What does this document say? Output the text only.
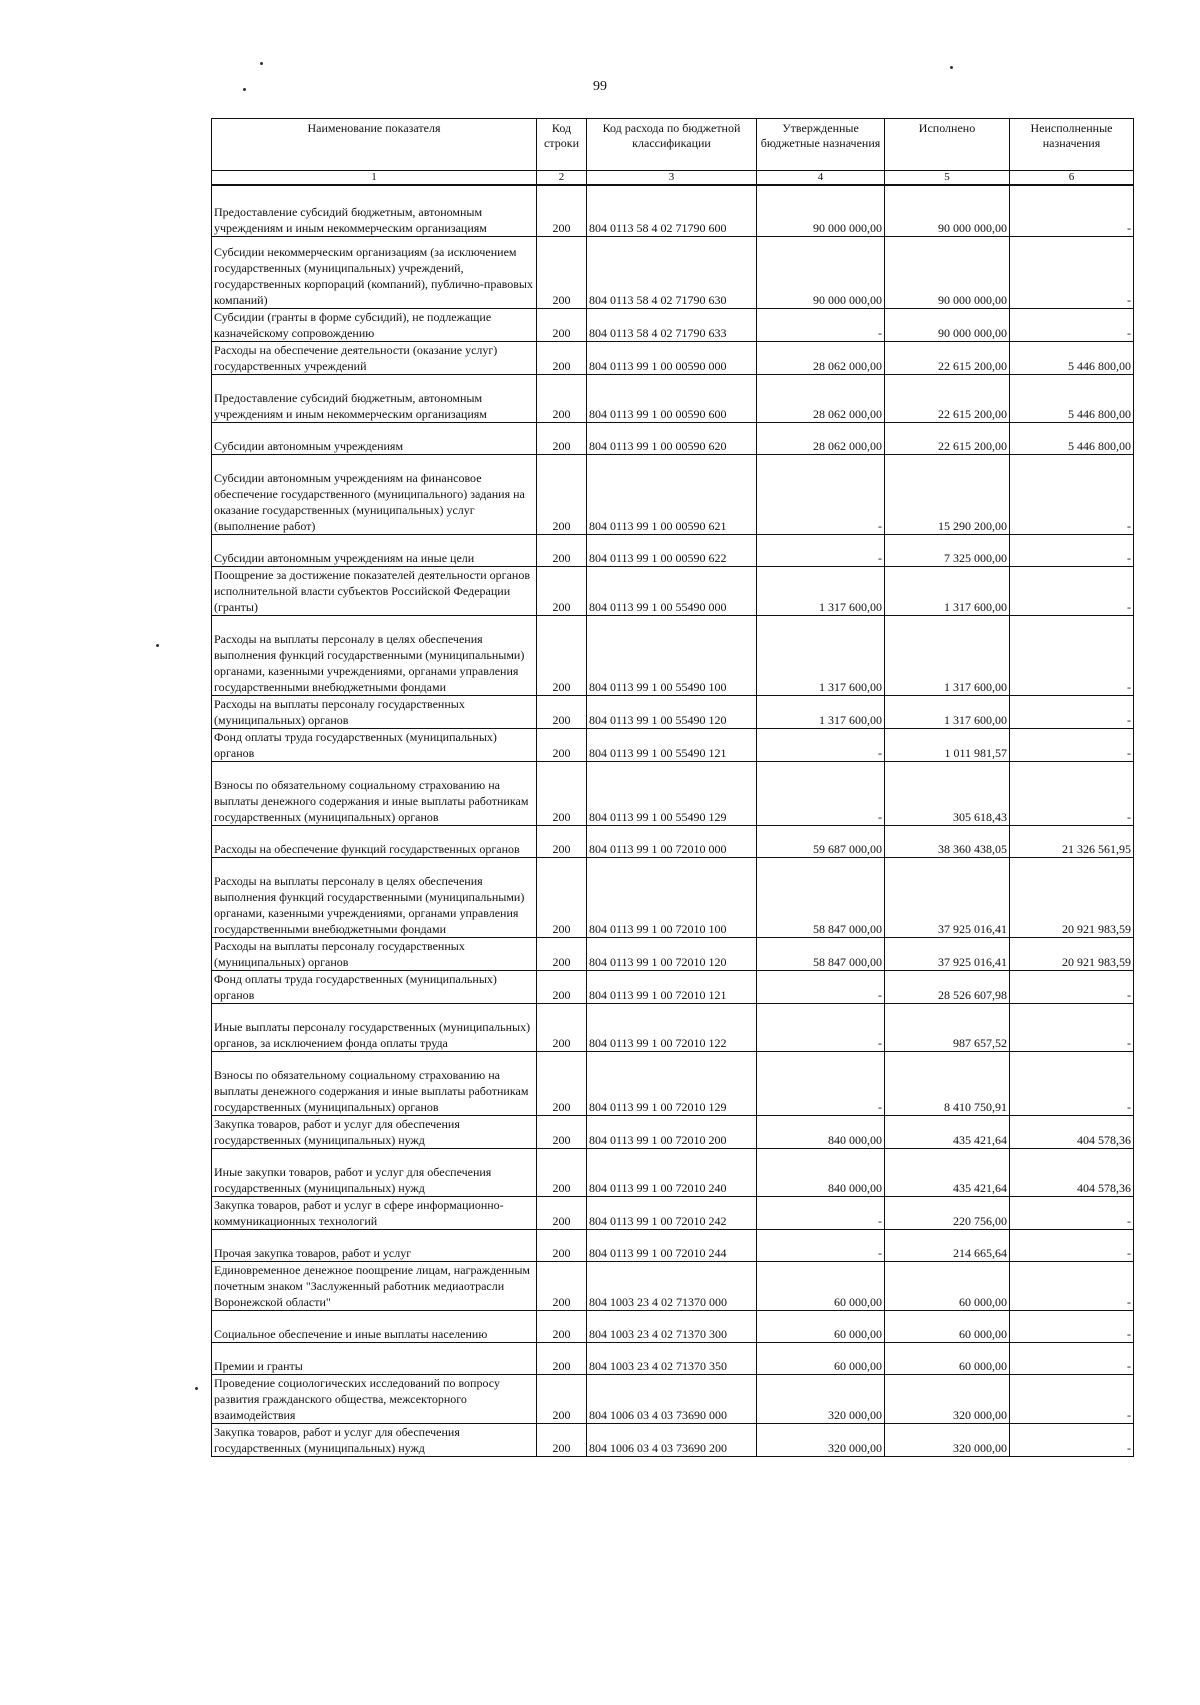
99
Наименование показателя	Код строки	Код расхода по бюджетной классификации	Утвержденные бюджетные назначения	Исполнено	Неисполненные назначения
1	2	3	4	5	6
Предоставление субсидий бюджетным, автономным учреждениям и иным некоммерческим организациям	200	804 0113 58 4 02 71790 600	90 000 000,00	90 000 000,00	-
Субсидии некоммерческим организациям (за исключением государственных (муниципальных) учреждений, государственных корпораций (компаний), публично-правовых компаний)	200	804 0113 58 4 02 71790 630	90 000 000,00	90 000 000,00	-
Субсидии (гранты в форме субсидий), не подлежащие казначейскому сопровождению	200	804 0113 58 4 02 71790 633	-	90 000 000,00	-
Расходы на обеспечение деятельности (оказание услуг) государственных учреждений	200	804 0113 99 1 00 00590 000	28 062 000,00	22 615 200,00	5 446 800,00
Предоставление субсидий бюджетным, автономным учреждениям и иным некоммерческим организациям	200	804 0113 99 1 00 00590 600	28 062 000,00	22 615 200,00	5 446 800,00
Субсидии автономным учреждениям	200	804 0113 99 1 00 00590 620	28 062 000,00	22 615 200,00	5 446 800,00
Субсидии автономным учреждениям на финансовое обеспечение государственного (муниципального) задания на оказание государственных (муниципальных) услуг (выполнение работ)	200	804 0113 99 1 00 00590 621	-	15 290 200,00	-
Субсидии автономным учреждениям на иные цели	200	804 0113 99 1 00 00590 622	-	7 325 000,00	-
Поощрение за достижение показателей деятельности органов исполнительной власти субъектов Российской Федерации (гранты)	200	804 0113 99 1 00 55490 000	1 317 600,00	1 317 600,00	-
Расходы на выплаты персоналу в целях обеспечения выполнения функций государственными (муниципальными) органами, казенными учреждениями, органами управления государственными внебюджетными фондами	200	804 0113 99 1 00 55490 100	1 317 600,00	1 317 600,00	-
Расходы на выплаты персоналу государственных (муниципальных) органов	200	804 0113 99 1 00 55490 120	1 317 600,00	1 317 600,00	-
Фонд оплаты труда государственных (муниципальных) органов	200	804 0113 99 1 00 55490 121	-	1 011 981,57	-
Взносы по обязательному социальному страхованию на выплаты денежного содержания и иные выплаты работникам государственных (муниципальных) органов	200	804 0113 99 1 00 55490 129	-	305 618,43	-
Расходы на обеспечение функций государственных органов	200	804 0113 99 1 00 72010 000	59 687 000,00	38 360 438,05	21 326 561,95
Расходы на выплаты персоналу в целях обеспечения выполнения функций государственными (муниципальными) органами, казенными учреждениями, органами управления государственными внебюджетными фондами	200	804 0113 99 1 00 72010 100	58 847 000,00	37 925 016,41	20 921 983,59
Расходы на выплаты персоналу государственных (муниципальных) органов	200	804 0113 99 1 00 72010 120	58 847 000,00	37 925 016,41	20 921 983,59
Фонд оплаты труда государственных (муниципальных) органов	200	804 0113 99 1 00 72010 121	-	28 526 607,98	-
Иные выплаты персоналу государственных (муниципальных) органов, за исключением фонда оплаты труда	200	804 0113 99 1 00 72010 122	-	987 657,52	-
Взносы по обязательному социальному страхованию на выплаты денежного содержания и иные выплаты работникам государственных (муниципальных) органов	200	804 0113 99 1 00 72010 129	-	8 410 750,91	-
Закупка товаров, работ и услуг для обеспечения государственных (муниципальных) нужд	200	804 0113 99 1 00 72010 200	840 000,00	435 421,64	404 578,36
Иные закупки товаров, работ и услуг для обеспечения государственных (муниципальных) нужд	200	804 0113 99 1 00 72010 240	840 000,00	435 421,64	404 578,36
Закупка товаров, работ и услуг в сфере информационно-коммуникационных технологий	200	804 0113 99 1 00 72010 242	-	220 756,00	-
Прочая закупка товаров, работ и услуг	200	804 0113 99 1 00 72010 244	-	214 665,64	-
Единовременное денежное поощрение лицам, награжденным почетным знаком "Заслуженный работник медиаотрасли Воронежской области"	200	804 1003 23 4 02 71370 000	60 000,00	60 000,00	-
Социальное обеспечение и иные выплаты населению	200	804 1003 23 4 02 71370 300	60 000,00	60 000,00	-
Премии и гранты	200	804 1003 23 4 02 71370 350	60 000,00	60 000,00	-
Проведение социологических исследований по вопросу развития гражданского общества, межсекторного взаимодействия	200	804 1006 03 4 03 73690 000	320 000,00	320 000,00	-
Закупка товаров, работ и услуг для обеспечения государственных (муниципальных) нужд	200	804 1006 03 4 03 73690 200	320 000,00	320 000,00	-
